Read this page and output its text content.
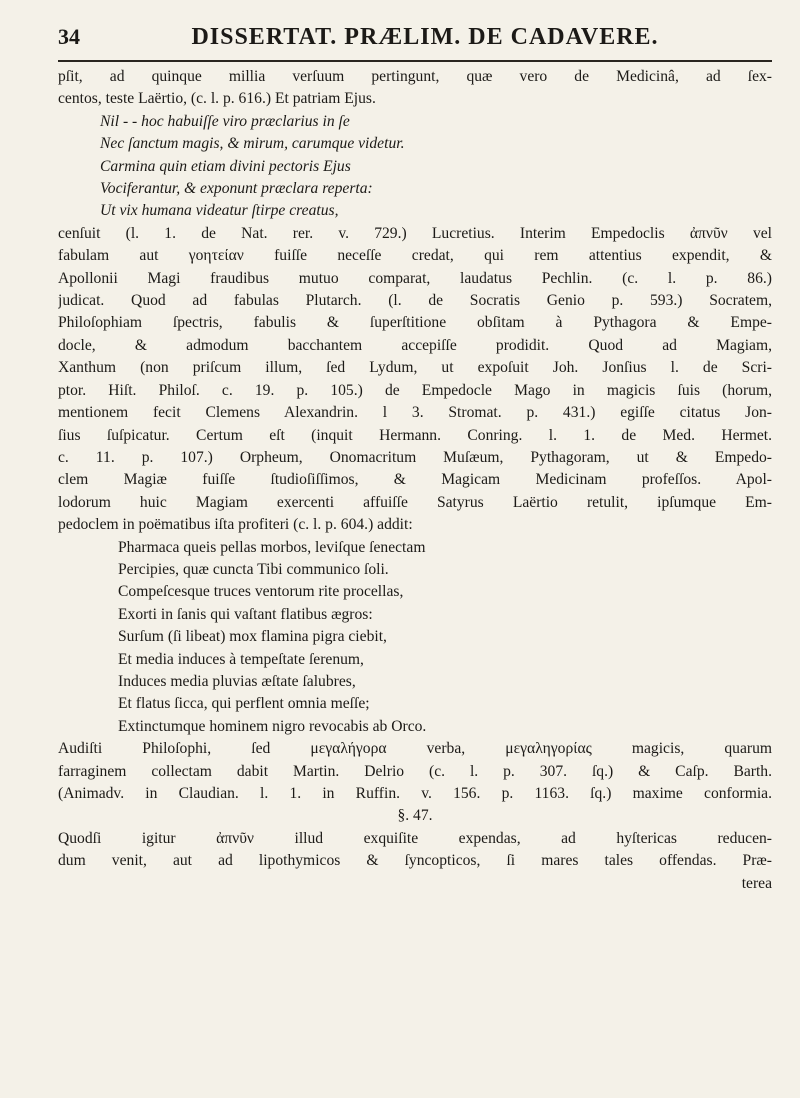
34	DISSERTAT. PRÆLIM. DE CADAVERE.
pſit, ad quinque millia verſuum pertingunt, quæ vero de Medicinâ, ad ſex-
centos, teste Laërtio, (c. l. p. 616.) Et patriam Ejus.
Nil - - hoc habuiſſe viro præclarius in ſe
Nec ſanctum magis, & mirum, carumque videtur.
Carmina quin etiam divini pectoris Ejus
Vociferantur, & exponunt præclara reperta:
Ut vix humana videatur ſtirpe creatus,
cenſuit (l. 1. de Nat. rer. v. 729.) Lucretius. Interim Empedoclis ἀπνῦν vel
fabulam aut γοητείαν fuiſſe neceſſe credat, qui rem attentius expendit, &
Apollonii Magi fraudibus mutuo comparat, laudatus Pechlin. (c. l. p. 86.)
judicat. Quod ad fabulas Plutarch. (l. de Socratis Genio p. 593.) Socratem,
Philoſophiam ſpectris, fabulis & ſuperſtitione obſitam à Pythagora & Empe-
docle, & admodum bacchantem accepiſſe prodidit. Quod ad Magiam,
Xanthum (non priſcum illum, ſed Lydum, ut expoſuit Joh. Jonſius l. de Scri-
ptor. Hiſt. Philoſ. c. 19. p. 105.) de Empedocle Mago in magicis ſuis (horum,
mentionem fecit Clemens Alexandrin. l 3. Stromat. p. 431.) egiſſe citatus Jon-
ſius ſuſpicatur. Certum eſt (inquit Hermann. Conring. l. 1. de Med. Hermet.
c. 11. p. 107.) Orpheum, Onomacritum Muſæum, Pythagoram, ut & Empedo-
clem Magiæ fuiſſe ſtudioſiſſimos, & Magicam Medicinam profeſſos. Apol-
lodorum huic Magiam exercenti affuiſſe Satyrus Laërtio retulit, ipſumque Em-
pedoclem in poëmatibus iſta profiteri (c. l. p. 604.) addit:
Pharmaca queis pellas morbos, leviſque ſenectam
Percipies, quæ cuncta Tibi communico ſoli.
Compeſcesque truces ventorum rite procellas,
Exorti in ſanis qui vaſtant flatibus ægros:
Surſum (ſi libeat) mox flamina pigra ciebit,
Et media induces à tempeſtate ſerenum,
Induces media pluvias æſtate ſalubres,
Et flatus ſicca, qui perflent omnia meſſe;
Extinctumque hominem nigro revocabis ab Orco.
Audiſti Philoſophi, ſed μεγαλήγορα verba, μεγαληγορίας magicis, quarum
farraginem collectam dabit Martin. Delrio (c. l. p. 307. ſq.) & Caſp. Barth.
(Animadv. in Claudian. l. 1. in Ruffin. v. 156. p. 1163. ſq.) maxime conformia.
§. 47.
Quodſi igitur ἀπνῦν illud exquiſite expendas, ad hyſtericas reducen-
dum venit, aut ad lipothymicos & ſyncopticos, ſi mares tales offendas. Præ-
terea
